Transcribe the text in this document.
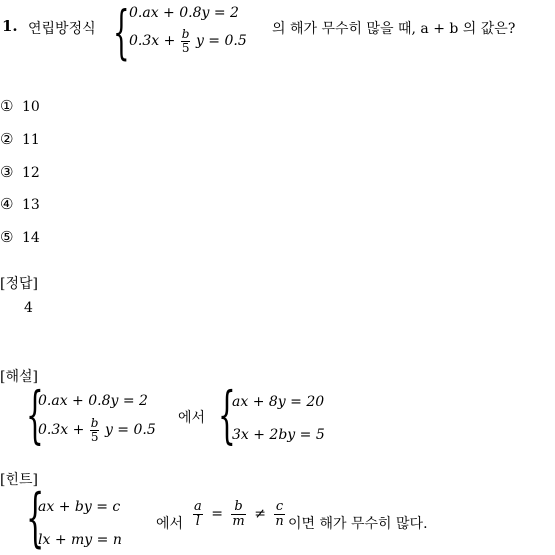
1. 연립방정식 { 0.ax + 0.8y = 2
$0.3x + \frac{b}{5}$ y = 0.5
의 해가 무수히 많을 때, a + b 의 값은?
① 10
② 11
③ 12
④ 13
⑤ 14
[정답]
4
[해설]
{
0.ax + 0.8y = 2
$0.3x + \frac{b}{5}$ y = 0.5
에서 {
ax + 8y = 20
3x + 2by = 5
[힌트]
{
ax + by = c
lx + my = n
에서 $\frac{a}{l} = \frac{b}{m} \ne \frac{c}{n}$ 이면 해가 무수히 많다.
